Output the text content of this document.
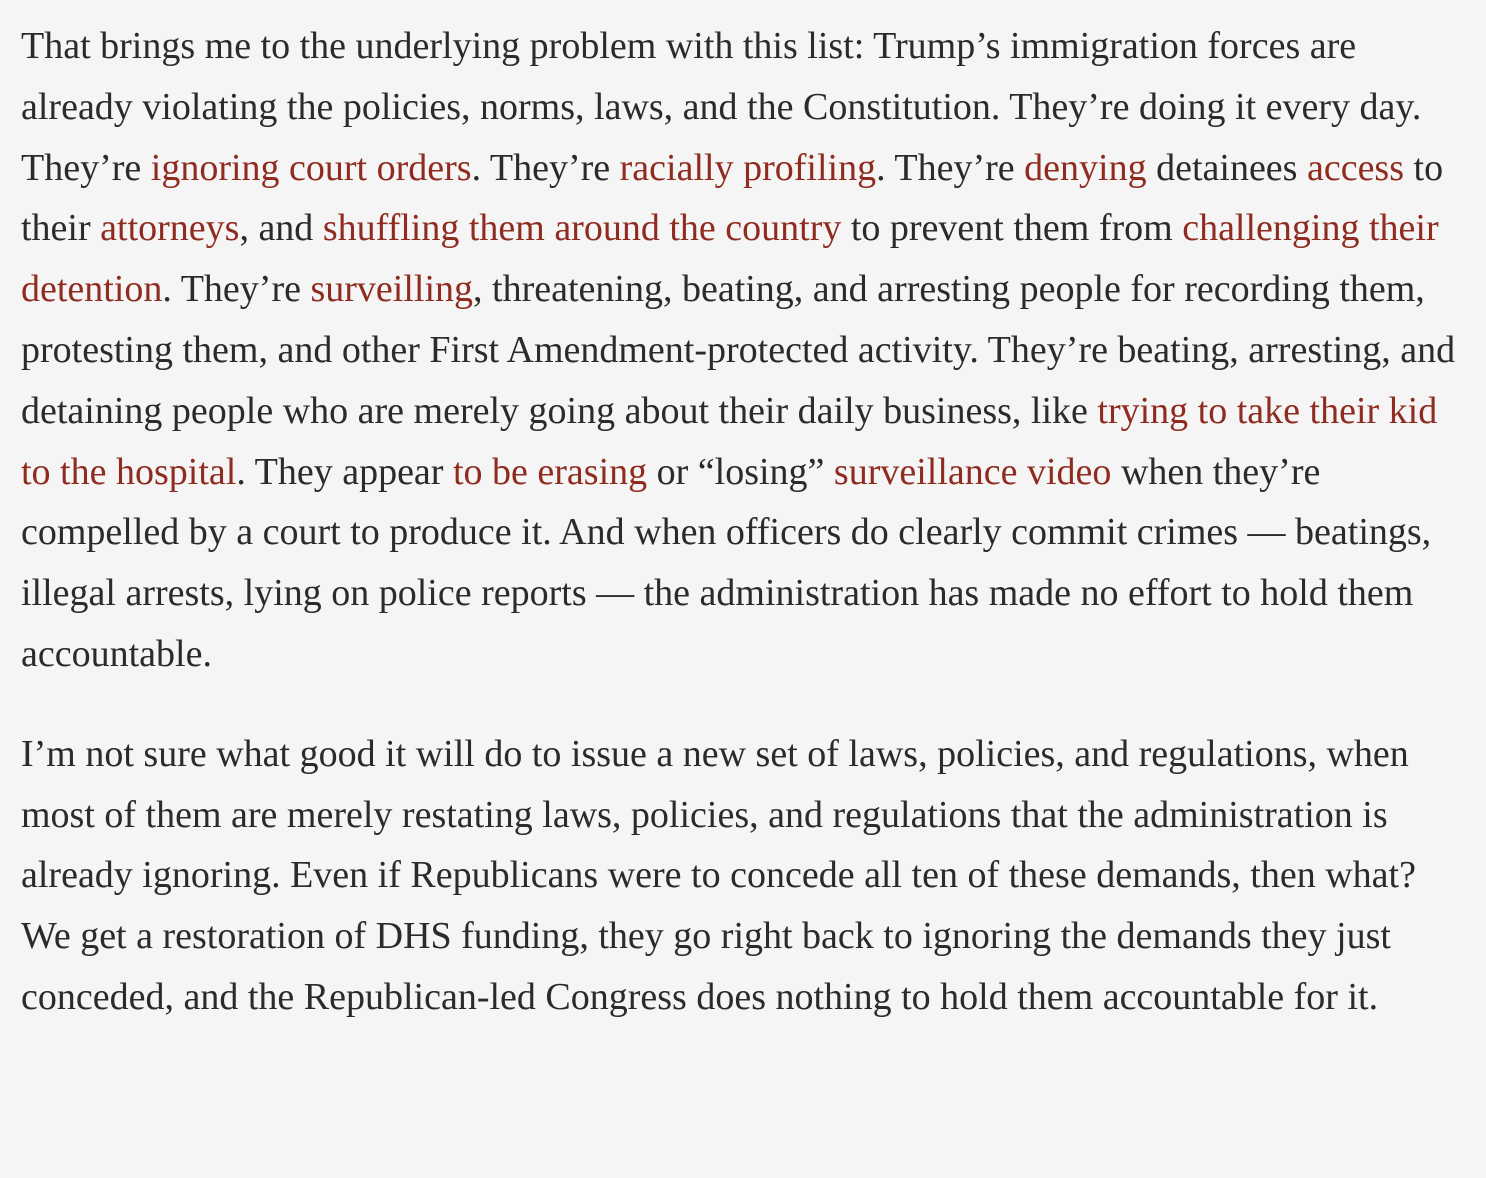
That brings me to the underlying problem with this list: Trump’s immigration forces are already violating the policies, norms, laws, and the Constitution. They’re doing it every day. They’re ignoring court orders. They’re racially profiling. They’re denying detainees access to their attorneys, and shuffling them around the country to prevent them from challenging their detention. They’re surveilling, threatening, beating, and arresting people for recording them, protesting them, and other First Amendment-protected activity. They’re beating, arresting, and detaining people who are merely going about their daily business, like trying to take their kid to the hospital. They appear to be erasing or “losing” surveillance video when they’re compelled by a court to produce it. And when officers do clearly commit crimes — beatings, illegal arrests, lying on police reports — the administration has made no effort to hold them accountable.

I’m not sure what good it will do to issue a new set of laws, policies, and regulations, when most of them are merely restating laws, policies, and regulations that the administration is already ignoring. Even if Republicans were to concede all ten of these demands, then what? We get a restoration of DHS funding, they go right back to ignoring the demands they just conceded, and the Republican-led Congress does nothing to hold them accountable for it.
